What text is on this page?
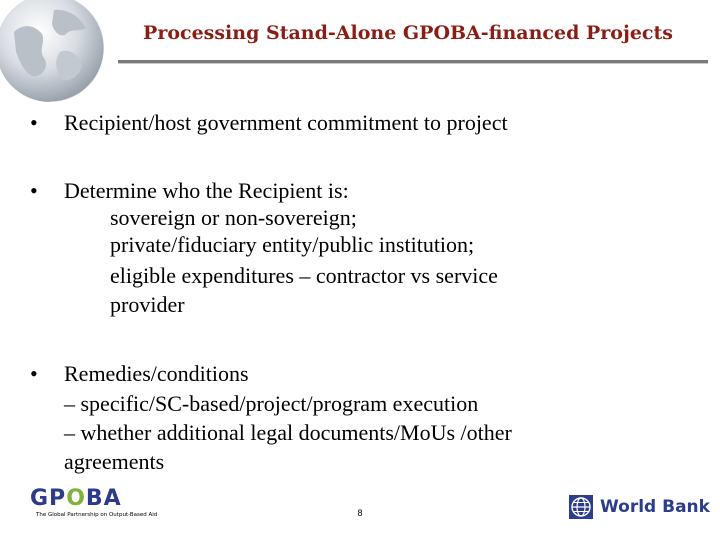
Processing Stand-Alone GPOBA-financed Projects
• Recipient/host government commitment to project
• Determine who the Recipient is:
sovereign or non-sovereign;
private/fiduciary entity/public institution;
eligible expenditures – contractor vs service
provider
• Remedies/conditions
– specific/SC-based/project/program execution
– whether additional legal documents/MoUs /other
agreements
GPOBA
The Global Partnership on Output-Based Aid	8	World Bank
